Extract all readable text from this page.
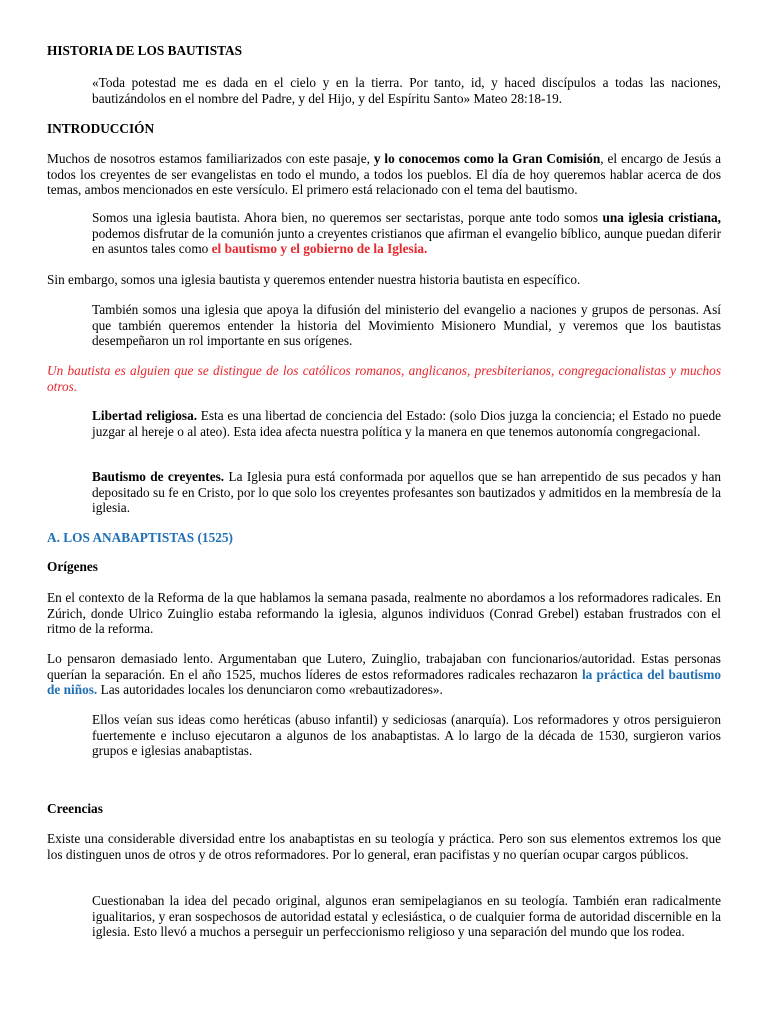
HISTORIA DE LOS BAUTISTAS

«Toda potestad me es dada en el cielo y en la tierra. Por tanto, id, y haced discípulos a todas las naciones, bautizándolos en el nombre del Padre, y del Hijo, y del Espíritu Santo» Mateo 28:18-19.

INTRODUCCIÓN

Muchos de nosotros estamos familiarizados con este pasaje, y lo conocemos como la Gran Comisión, el encargo de Jesús a todos los creyentes de ser evangelistas en todo el mundo, a todos los pueblos. El día de hoy queremos hablar acerca de dos temas, ambos mencionados en este versículo. El primero está relacionado con el tema del bautismo.

Somos una iglesia bautista. Ahora bien, no queremos ser sectaristas, porque ante todo somos una iglesia cristiana, podemos disfrutar de la comunión junto a creyentes cristianos que afirman el evangelio bíblico, aunque puedan diferir en asuntos tales como el bautismo y el gobierno de la Iglesia.

Sin embargo, somos una iglesia bautista y queremos entender nuestra historia bautista en específico.

También somos una iglesia que apoya la difusión del ministerio del evangelio a naciones y grupos de personas. Así que también queremos entender la historia del Movimiento Misionero Mundial, y veremos que los bautistas desempeñaron un rol importante en sus orígenes.

Un bautista es alguien que se distingue de los católicos romanos, anglicanos, presbiterianos, congregacionalistas y muchos otros.

Libertad religiosa. Esta es una libertad de conciencia del Estado: (solo Dios juzga la conciencia; el Estado no puede juzgar al hereje o al ateo). Esta idea afecta nuestra política y la manera en que tenemos autonomía congregacional.

Bautismo de creyentes. La Iglesia pura está conformada por aquellos que se han arrepentido de sus pecados y han depositado su fe en Cristo, por lo que solo los creyentes profesantes son bautizados y admitidos en la membresía de la iglesia.

A. LOS ANABAPTISTAS (1525)

Orígenes

En el contexto de la Reforma de la que hablamos la semana pasada, realmente no abordamos a los reformadores radicales. En Zúrich, donde Ulrico Zuinglio estaba reformando la iglesia, algunos individuos (Conrad Grebel) estaban frustrados con el ritmo de la reforma.

Lo pensaron demasiado lento. Argumentaban que Lutero, Zuinglio, trabajaban con funcionarios/autoridad. Estas personas querían la separación. En el año 1525, muchos líderes de estos reformadores radicales rechazaron la práctica del bautismo de niños. Las autoridades locales los denunciaron como «rebautizadores».

Ellos veían sus ideas como heréticas (abuso infantil) y sediciosas (anarquía). Los reformadores y otros persiguieron fuertemente e incluso ejecutaron a algunos de los anabaptistas. A lo largo de la década de 1530, surgieron varios grupos e iglesias anabaptistas.

Creencias

Existe una considerable diversidad entre los anabaptistas en su teología y práctica. Pero son sus elementos extremos los que los distinguen unos de otros y de otros reformadores. Por lo general, eran pacifistas y no querían ocupar cargos públicos.

Cuestionaban la idea del pecado original, algunos eran semipelagianos en su teología. También eran radicalmente igualitarios, y eran sospechosos de autoridad estatal y eclesiástica, o de cualquier forma de autoridad discernible en la iglesia. Esto llevó a muchos a perseguir un perfeccionismo religioso y una separación del mundo que los rodea.
